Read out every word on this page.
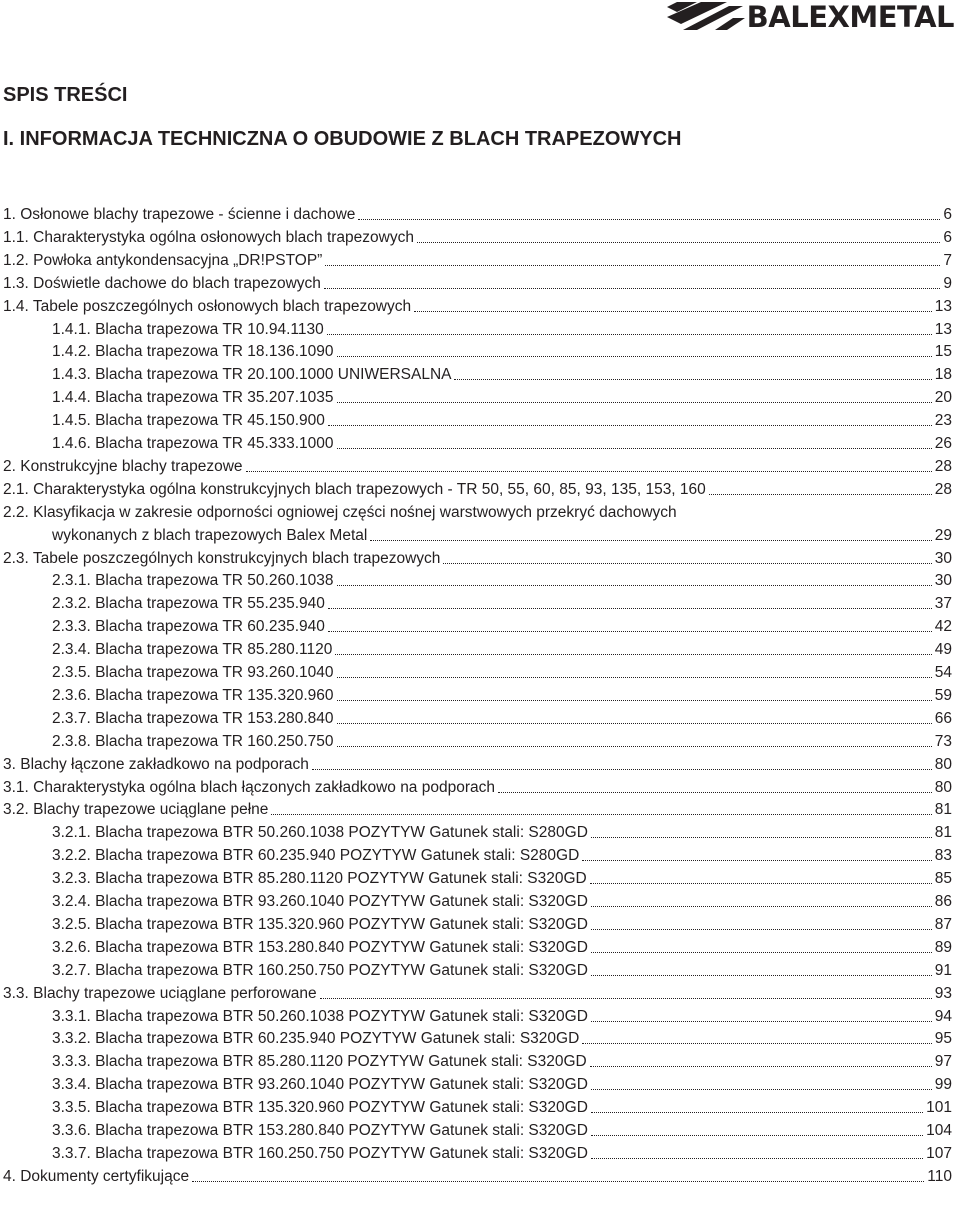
BALEXMETAL
SPIS TREŚCI
I. INFORMACJA TECHNICZNA O OBUDOWIE Z BLACH TRAPEZOWYCH
1. Osłonowe blachy trapezowe - ścienne i dachowe	6
1.1. Charakterystyka ogólna osłonowych blach trapezowych	6
1.2. Powłoka antykondensacyjna „DR!PSTOP”	7
1.3. Doświetle dachowe do blach trapezowych	9
1.4. Tabele poszczególnych osłonowych blach trapezowych	13
1.4.1. Blacha trapezowa TR 10.94.1130	13
1.4.2. Blacha trapezowa TR 18.136.1090	15
1.4.3. Blacha trapezowa TR 20.100.1000 UNIWERSALNA	18
1.4.4. Blacha trapezowa TR 35.207.1035	20
1.4.5. Blacha trapezowa TR 45.150.900	23
1.4.6. Blacha trapezowa TR 45.333.1000	26
2. Konstrukcyjne blachy trapezowe	28
2.1. Charakterystyka ogólna konstrukcyjnych blach trapezowych - TR 50, 55, 60, 85, 93, 135, 153, 160	28
2.2. Klasyfikacja w zakresie odporności ogniowej części nośnej warstwowych przekryć dachowych
wykonanych z blach trapezowych Balex Metal	29
2.3. Tabele poszczególnych konstrukcyjnych blach trapezowych	30
2.3.1. Blacha trapezowa TR 50.260.1038	30
2.3.2. Blacha trapezowa TR 55.235.940	37
2.3.3. Blacha trapezowa TR 60.235.940	42
2.3.4. Blacha trapezowa TR 85.280.1120	49
2.3.5. Blacha trapezowa TR 93.260.1040	54
2.3.6. Blacha trapezowa TR 135.320.960	59
2.3.7. Blacha trapezowa TR 153.280.840	66
2.3.8. Blacha trapezowa TR 160.250.750	73
3. Blachy łączone zakładkowo na podporach	80
3.1. Charakterystyka ogólna blach łączonych zakładkowo na podporach	80
3.2. Blachy trapezowe uciąglane pełne	81
3.2.1. Blacha trapezowa BTR 50.260.1038 POZYTYW Gatunek stali: S280GD	81
3.2.2. Blacha trapezowa BTR 60.235.940 POZYTYW Gatunek stali: S280GD	83
3.2.3. Blacha trapezowa BTR 85.280.1120 POZYTYW Gatunek stali: S320GD	85
3.2.4. Blacha trapezowa BTR 93.260.1040 POZYTYW Gatunek stali: S320GD	86
3.2.5. Blacha trapezowa BTR 135.320.960 POZYTYW Gatunek stali: S320GD	87
3.2.6. Blacha trapezowa BTR 153.280.840 POZYTYW Gatunek stali: S320GD	89
3.2.7. Blacha trapezowa BTR 160.250.750 POZYTYW Gatunek stali: S320GD	91
3.3. Blachy trapezowe uciąglane perforowane	93
3.3.1. Blacha trapezowa BTR 50.260.1038 POZYTYW Gatunek stali: S320GD	94
3.3.2. Blacha trapezowa BTR 60.235.940 POZYTYW Gatunek stali: S320GD	95
3.3.3. Blacha trapezowa BTR 85.280.1120 POZYTYW Gatunek stali: S320GD	97
3.3.4. Blacha trapezowa BTR 93.260.1040 POZYTYW Gatunek stali: S320GD	99
3.3.5. Blacha trapezowa BTR 135.320.960 POZYTYW Gatunek stali: S320GD	101
3.3.6. Blacha trapezowa BTR 153.280.840 POZYTYW Gatunek stali: S320GD	104
3.3.7. Blacha trapezowa BTR 160.250.750 POZYTYW Gatunek stali: S320GD	107
4. Dokumenty certyfikujące	110
